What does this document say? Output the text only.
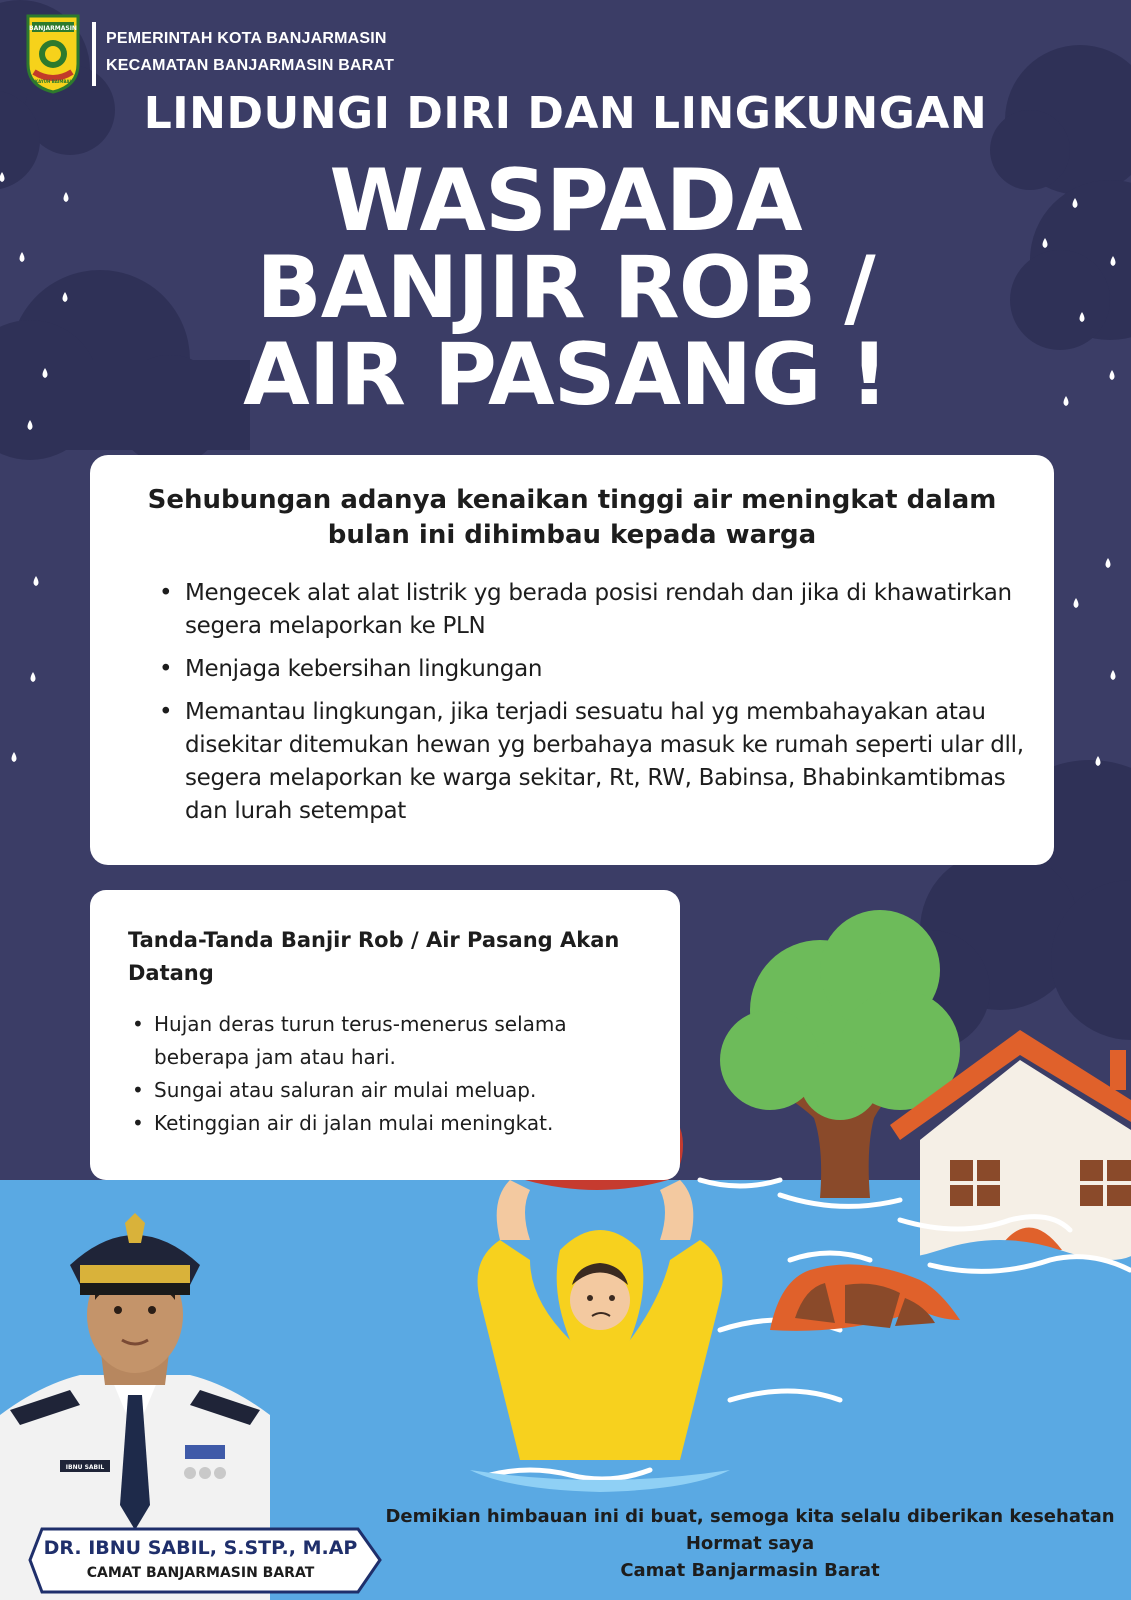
BANJARMASIN
KAYUH BAIMBAI
PEMERINTAH KOTA BANJARMASIN
KECAMATAN BANJARMASIN BARAT
LINDUNGI DIRI DAN LINGKUNGAN
WASPADA
BANJIR ROB /
AIR PASANG !
Sehubungan adanya kenaikan tinggi air meningkat dalam bulan ini dihimbau kepada warga
• Mengecek alat alat listrik yg berada posisi rendah dan jika di khawatirkan segera melaporkan ke PLN
• Menjaga kebersihan lingkungan
• Memantau lingkungan, jika terjadi sesuatu hal yg membahayakan atau disekitar ditemukan hewan yg berbahaya masuk ke rumah seperti ular dll, segera melaporkan ke warga sekitar, Rt, RW, Babinsa, Bhabinkamtibmas dan lurah setempat
Tanda-Tanda Banjir Rob / Air Pasang Akan Datang
• Hujan deras turun terus-menerus selama beberapa jam atau hari.
• Sungai atau saluran air mulai meluap.
• Ketinggian air di jalan mulai meningkat.
IBNU SABIL
DR. IBNU SABIL, S.STP., M.AP
CAMAT BANJARMASIN BARAT
Demikian himbauan ini di buat, semoga kita selalu diberikan kesehatan
Hormat saya
Camat Banjarmasin Barat
